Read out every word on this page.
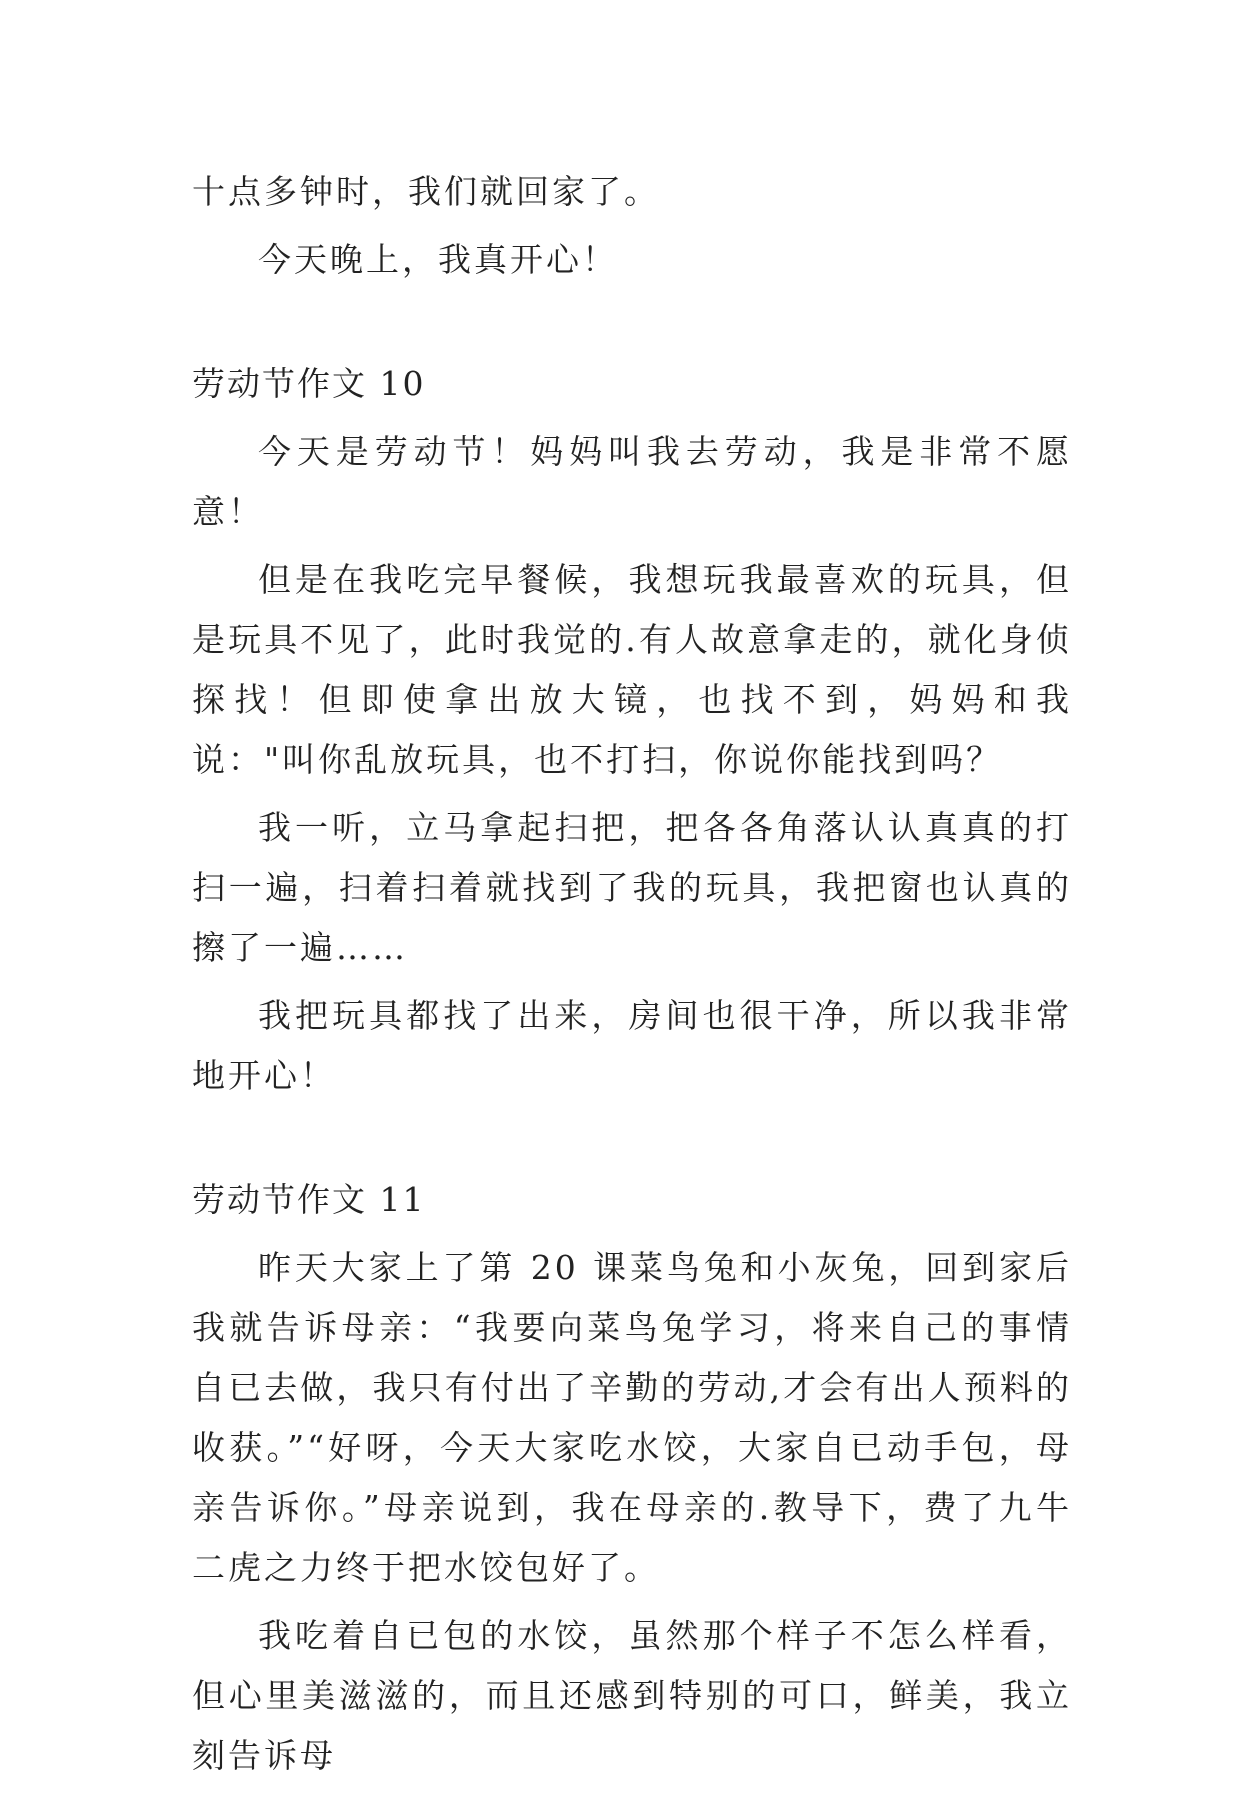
十点多钟时，我们就回家了。

今天晚上，我真开心！

劳动节作文 10

今天是劳动节！妈妈叫我去劳动，我是非常不愿意！

但是在我吃完早餐候，我想玩我最喜欢的玩具，但是玩具不见了，此时我觉的.有人故意拿走的，就化身侦探找！但即使拿出放大镜，也找不到，妈妈和我说："叫你乱放玩具，也不打扫，你说你能找到吗？

我一听，立马拿起扫把，把各各角落认认真真的打扫一遍，扫着扫着就找到了我的玩具，我把窗也认真的擦了一遍……

我把玩具都找了出来，房间也很干净，所以我非常地开心！

劳动节作文 11

昨天大家上了第 20 课菜鸟兔和小灰兔，回到家后我就告诉母亲：“我要向菜鸟兔学习，将来自己的事情自已去做，我只有付出了辛勤的劳动,才会有出人预料的收获。”“好呀，今天大家吃水饺，大家自已动手包，母亲告诉你。”母亲说到，我在母亲的.教导下，费了九牛二虎之力终于把水饺包好了。

我吃着自已包的水饺，虽然那个样子不怎么样看，但心里美滋滋的，而且还感到特别的可口，鲜美，我立刻告诉母
